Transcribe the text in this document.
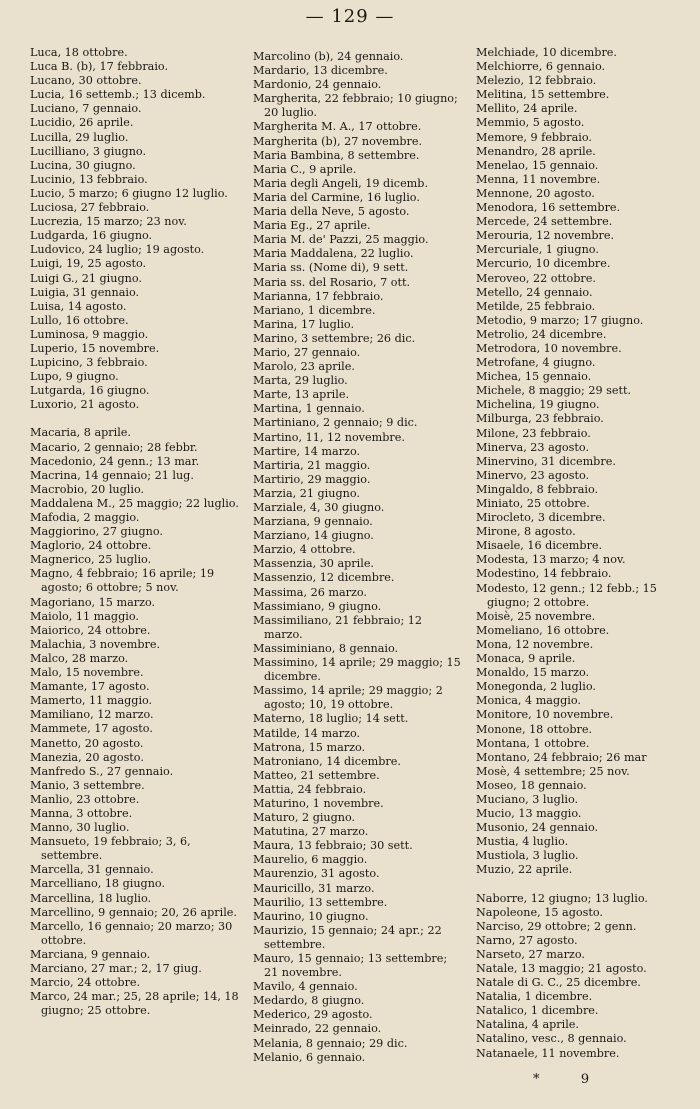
— 129 —
Luca, 18 ottobre.
Luca B. (b), 17 febbraio.
Lucano, 30 ottobre.
Lucia, 16 settemb.; 13 dicemb.
Luciano, 7 gennaio.
Lucidio, 26 aprile.
Lucilla, 29 luglio.
Lucilliano, 3 giugno.
Lucina, 30 giugno.
Lucinio, 13 febbraio.
Lucio, 5 marzo; 6 giugno 12 luglio.
Luciosa, 27 febbraio.
Lucrezia, 15 marzo; 23 nov.
Ludgarda, 16 giugno.
Ludovico, 24 luglio; 19 agosto.
Luigi, 19, 25 agosto.
Luigi G., 21 giugno.
Luigia, 31 gennaio.
Luisa, 14 agosto.
Lullo, 16 ottobre.
Luminosa, 9 maggio.
Luperio, 15 novembre.
Lupicino, 3 febbraio.
Lupo, 9 giugno.
Lutgarda, 16 giugno.
Luxorio, 21 agosto.
Macaria, 8 aprile.
Macario, 2 gennaio; 28 febbr.
Macedonio, 24 genn.; 13 mar.
Macrina, 14 gennaio; 21 lug.
Macrobio, 20 luglio.
Maddalena M., 25 maggio; 22 luglio.
Mafodia, 2 maggio.
Maggiorino, 27 giugno.
Maglorio, 24 ottobre.
Magnerico, 25 luglio.
Magno, 4 febbraio; 16 aprile; 19 agosto; 6 ottobre; 5 nov.
Magoriano, 15 marzo.
Maiolo, 11 maggio.
Maiorico, 24 ottobre.
Malachia, 3 novembre.
Malco, 28 marzo.
Malo, 15 novembre.
Mamante, 17 agosto.
Mamerto, 11 maggio.
Mamiliano, 12 marzo.
Mammete, 17 agosto.
Manetto, 20 agosto.
Manezia, 20 agosto.
Manfredo S., 27 gennaio.
Manio, 3 settembre.
Manlio, 23 ottobre.
Manna, 3 ottobre.
Manno, 30 luglio.
Mansueto, 19 febbraio; 3, 6, settembre.
Marcella, 31 gennaio.
Marcelliano, 18 giugno.
Marcellina, 18 luglio.
Marcellino, 9 gennaio; 20, 26 aprile.
Marcello, 16 gennaio; 20 marzo; 30 ottobre.
Marciana, 9 gennaio.
Marciano, 27 mar.; 2, 17 giug.
Marcio, 24 ottobre.
Marco, 24 mar.; 25, 28 aprile; 14, 18 giugno; 25 ottobre.
Marcolino (b), 24 gennaio.
Mardario, 13 dicembre.
Mardonio, 24 gennaio.
Margherita, 22 febbraio; 10 giugno; 20 luglio.
Margherita M. A., 17 ottobre.
Margherita (b), 27 novembre.
Maria Bambina, 8 settembre.
Maria C., 9 aprile.
Maria degli Angeli, 19 dicemb.
Maria del Carmine, 16 luglio.
Maria della Neve, 5 agosto.
Maria Eg., 27 aprile.
Maria M. de' Pazzi, 25 maggio.
Maria Maddalena, 22 luglio.
Maria ss. (Nome di), 9 sett.
Maria ss. del Rosario, 7 ott.
Marianna, 17 febbraio.
Mariano, 1 dicembre.
Marina, 17 luglio.
Marino, 3 settembre; 26 dic.
Mario, 27 gennaio.
Marolo, 23 aprile.
Marta, 29 luglio.
Marte, 13 aprile.
Martina, 1 gennaio.
Martiniano, 2 gennaio; 9 dic.
Martino, 11, 12 novembre.
Martire, 14 marzo.
Martiria, 21 maggio.
Martirio, 29 maggio.
Marzia, 21 giugno.
Marziale, 4, 30 giugno.
Marziana, 9 gennaio.
Marziano, 14 giugno.
Marzio, 4 ottobre.
Massenzia, 30 aprile.
Massenzio, 12 dicembre.
Massima, 26 marzo.
Massimiano, 9 giugno.
Massimiliano, 21 febbraio; 12 marzo.
Massiminiano, 8 gennaio.
Massimino, 14 aprile; 29 maggio; 15 dicembre.
Massimo, 14 aprile; 29 maggio; 2 agosto; 10, 19 ottobre.
Materno, 18 luglio; 14 sett.
Matilde, 14 marzo.
Matrona, 15 marzo.
Matroniano, 14 dicembre.
Matteo, 21 settembre.
Mattia, 24 febbraio.
Maturino, 1 novembre.
Maturo, 2 giugno.
Matutina, 27 marzo.
Maura, 13 febbraio; 30 sett.
Maurelio, 6 maggio.
Maurenzio, 31 agosto.
Mauricillo, 31 marzo.
Maurilio, 13 settembre.
Maurino, 10 giugno.
Maurizio, 15 gennaio; 24 apr.; 22 settembre.
Mauro, 15 gennaio; 13 settembre; 21 novembre.
Mavilo, 4 gennaio.
Medardo, 8 giugno.
Mederico, 29 agosto.
Meinrado, 22 gennaio.
Melania, 8 gennaio; 29 dic.
Melanio, 6 gennaio.
Melchiade, 10 dicembre.
Melchiorre, 6 gennaio.
Melezio, 12 febbraio.
Melitina, 15 settembre.
Mellito, 24 aprile.
Memmio, 5 agosto.
Memore, 9 febbraio.
Menandro, 28 aprile.
Menelao, 15 gennaio.
Menna, 11 novembre.
Mennone, 20 agosto.
Menodora, 16 settembre.
Mercede, 24 settembre.
Merouria, 12 novembre.
Mercuriale, 1 giugno.
Mercurio, 10 dicembre.
Meroveo, 22 ottobre.
Metello, 24 gennaio.
Metilde, 25 febbraio.
Metodio, 9 marzo; 17 giugno.
Metrolio, 24 dicembre.
Metrodora, 10 novembre.
Metrofane, 4 giugno.
Michea, 15 gennaio.
Michele, 8 maggio; 29 sett.
Michelina, 19 giugno.
Milburga, 23 febbraio.
Milone, 23 febbraio.
Minerva, 23 agosto.
Minervino, 31 dicembre.
Minervo, 23 agosto.
Mingaldo, 8 febbraio.
Miniato, 25 ottobre.
Mirocleto, 3 dicembre.
Mirone, 8 agosto.
Misaele, 16 dicembre.
Modesta, 13 marzo; 4 nov.
Modestino, 14 febbraio.
Modesto, 12 genn.; 12 febb.; 15 giugno; 2 ottobre.
Moisè, 25 novembre.
Momeliano, 16 ottobre.
Mona, 12 novembre.
Monaca, 9 aprile.
Monaldo, 15 marzo.
Monegonda, 2 luglio.
Monica, 4 maggio.
Monitore, 10 novembre.
Monone, 18 ottobre.
Montana, 1 ottobre.
Montano, 24 febbraio; 26 mar
Mosè, 4 settembre; 25 nov.
Moseo, 18 gennaio.
Muciano, 3 luglio.
Mucio, 13 maggio.
Musonio, 24 gennaio.
Mustia, 4 luglio.
Mustiola, 3 luglio.
Muzio, 22 aprile.
Naborre, 12 giugno; 13 luglio.
Napoleone, 15 agosto.
Narciso, 29 ottobre; 2 genn.
Narno, 27 agosto.
Narseto, 27 marzo.
Natale, 13 maggio; 21 agosto.
Natale di G. C., 25 dicembre.
Natalia, 1 dicembre.
Natalico, 1 dicembre.
Natalina, 4 aprile.
Natalino, vesc., 8 gennaio.
Natanaele, 11 novembre.
*          9
